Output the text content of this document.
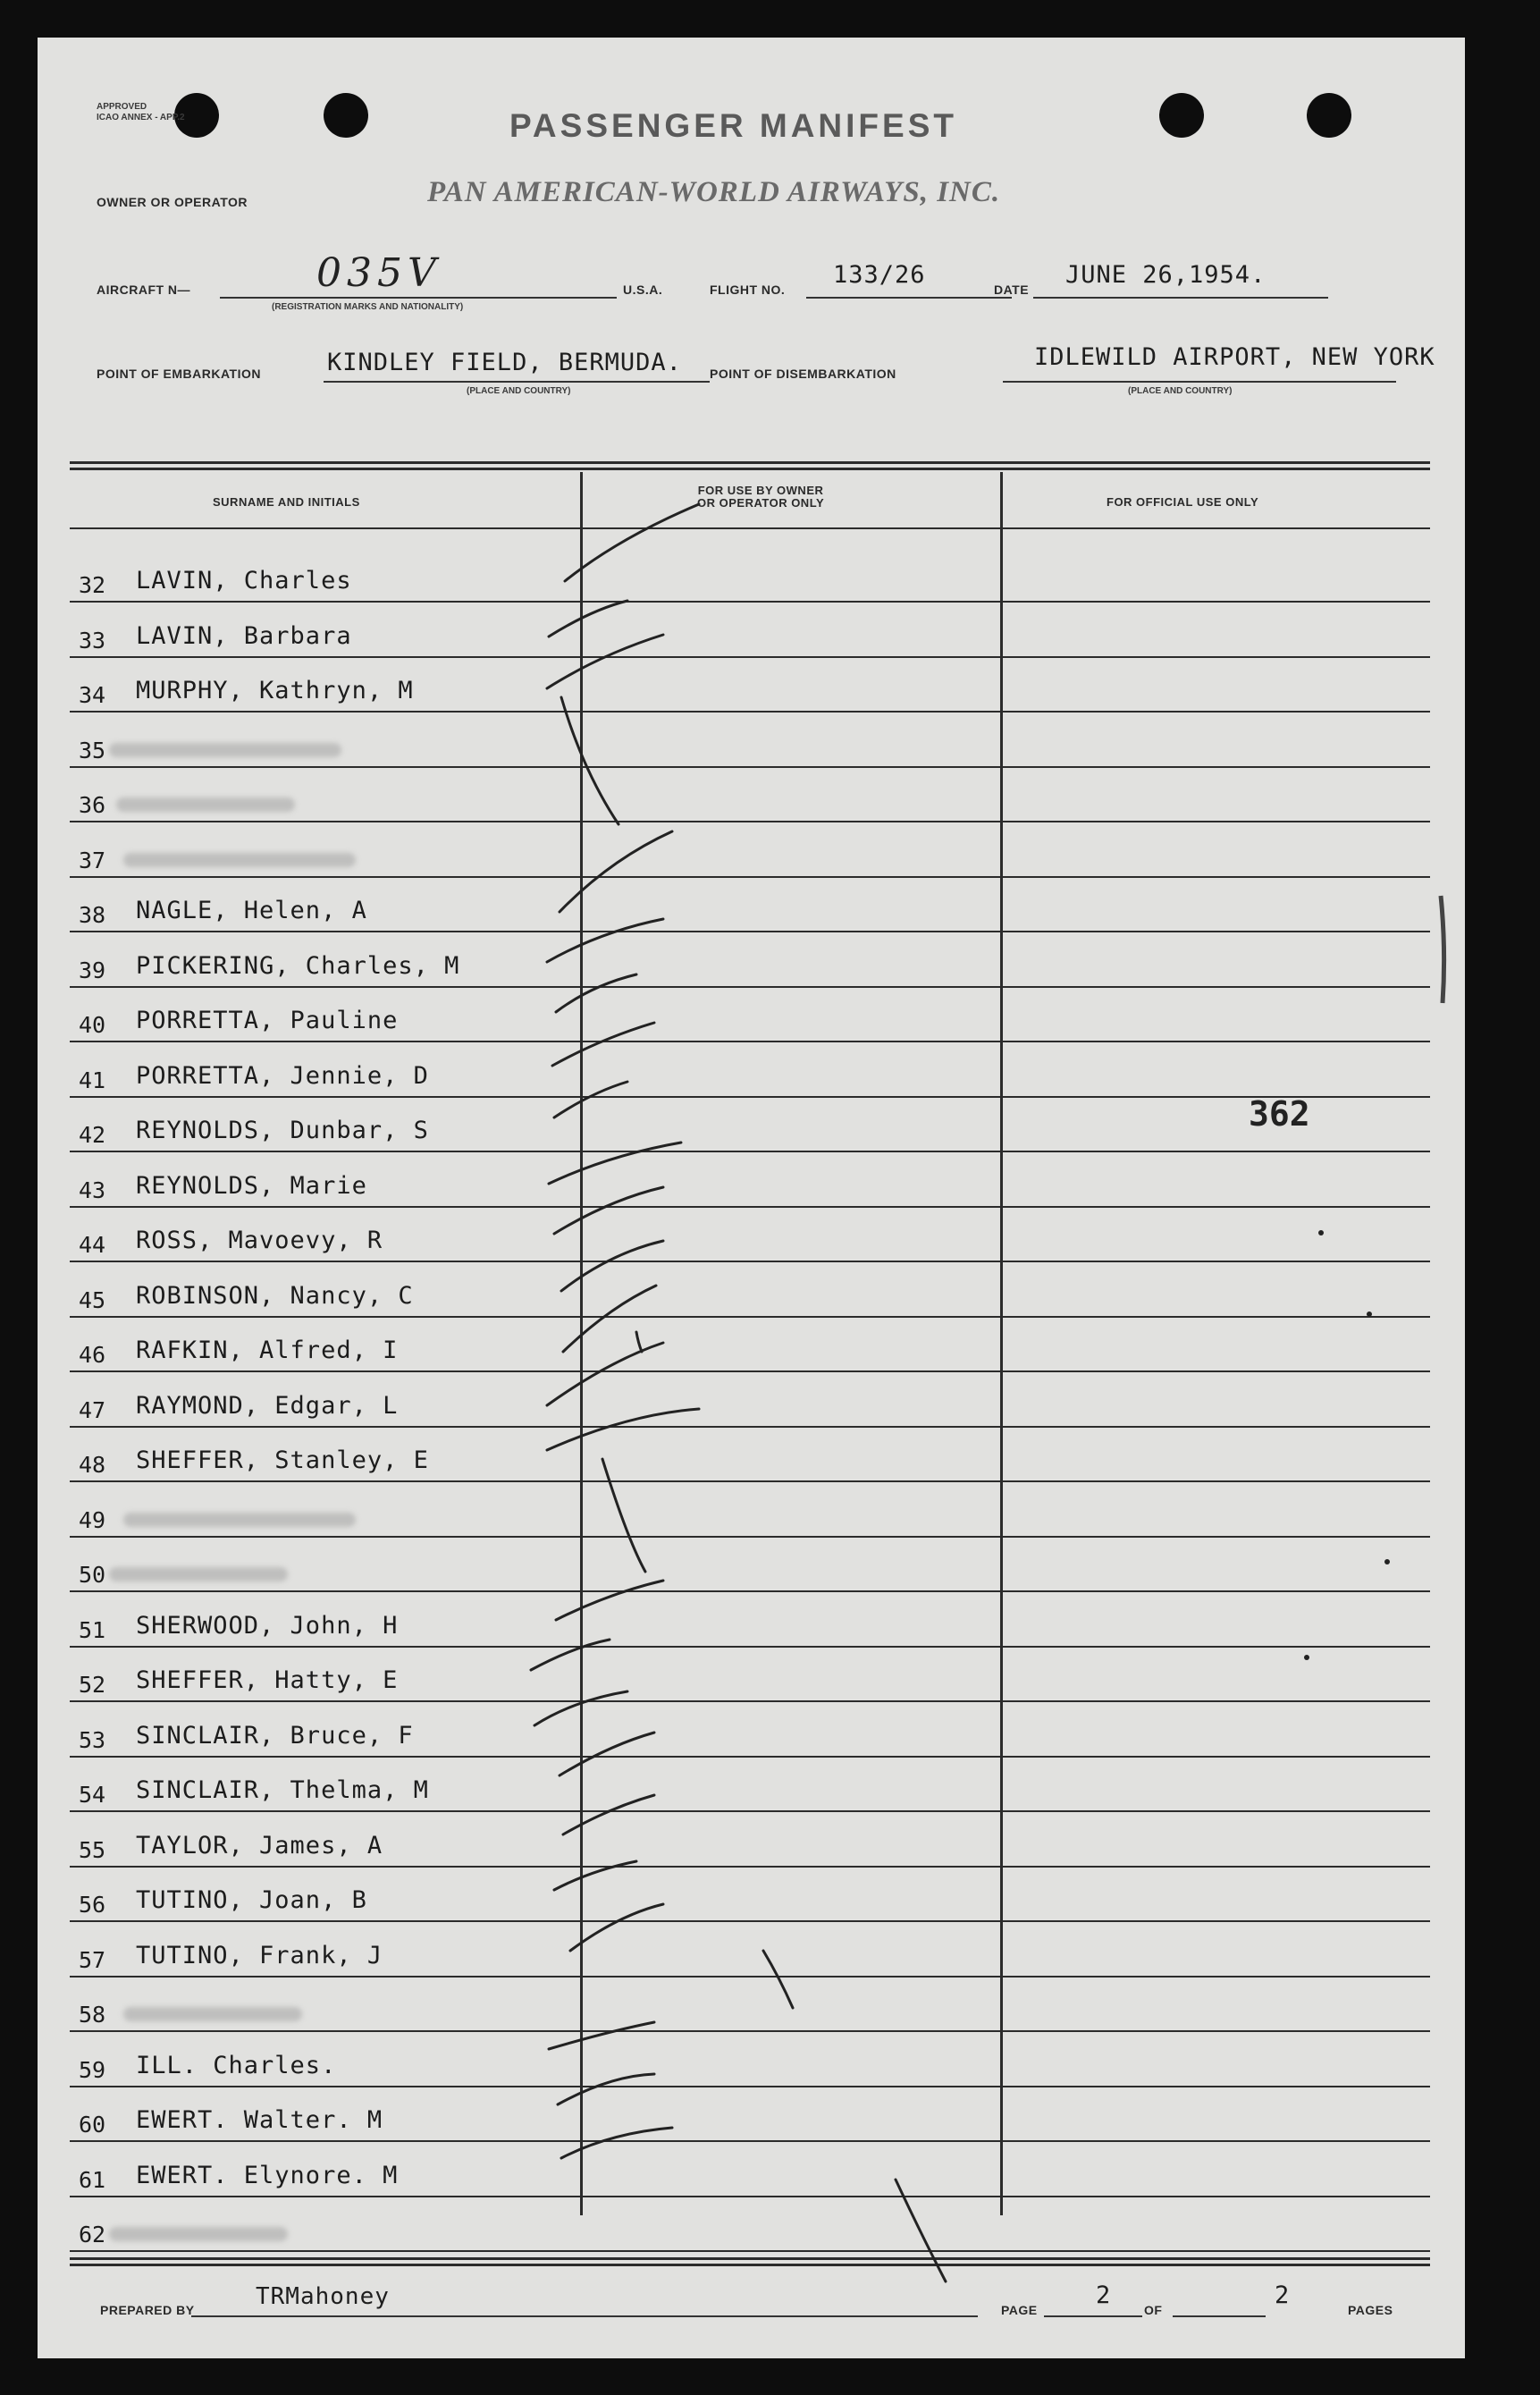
APPROVED
ICAO ANNEX - APP.2	PASSENGER MANIFEST
OWNER OR OPERATOR	PAN AMERICAN-WORLD AIRWAYS, INC.
AIRCRAFT N—	035V
(REGISTRATION MARKS AND NATIONALITY)
U.S.A.	FLIGHT NO.
133/26
DATE
JUNE 26,1954.
POINT OF EMBARKATION	KINDLEY FIELD, BERMUDA.
(PLACE AND COUNTRY)
POINT OF DISEMBARKATION
IDLEWILD AIRPORT, NEW YORK
(PLACE AND COUNTRY)
SURNAME AND INITIALS
FOR USE BY OWNER
OR OPERATOR ONLY	FOR OFFICIAL USE ONLY
32 LAVIN, Charles
33 LAVIN, Barbara
34 MURPHY, Kathryn, M
35
36
37
38 NAGLE, Helen, A
39 PICKERING, Charles, M
40 PORRETTA, Pauline
41 PORRETTA, Jennie, D
42 REYNOLDS, Dunbar, S
43 REYNOLDS, Marie
44 ROSS, Mavoevy, R
45 ROBINSON, Nancy, C
46 RAFKIN, Alfred, I
47 RAYMOND, Edgar, L
48 SHEFFER, Stanley, E
49
50
51 SHERWOOD, John, H
52 SHEFFER, Hatty, E
53 SINCLAIR, Bruce, F
54 SINCLAIR, Thelma, M
55 TAYLOR, James, A
56 TUTINO, Joan, B
57 TUTINO, Frank, J
58
59 ILL. Charles.
60 EWERT. Walter. M
61 EWERT. Elynore. M
62
362
PREPARED BY	TRMahoney	PAGE
2
OF
2
PAGES
